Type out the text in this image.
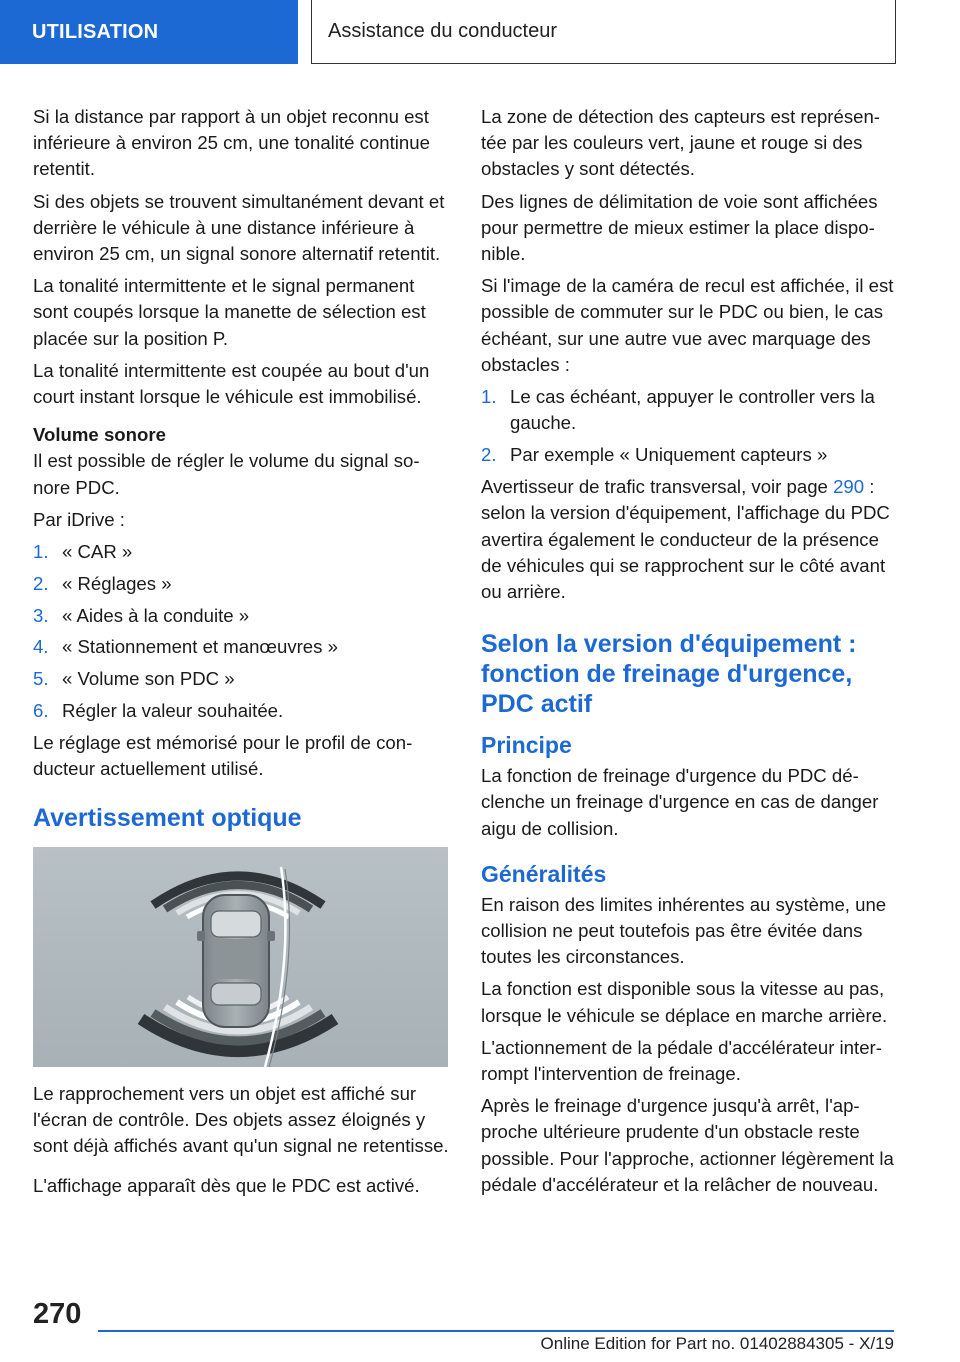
UTILISATION	Assistance du conducteur

Si la distance par rapport à un objet reconnu est inférieure à environ 25 cm, une tonalité continue retentit.

Si des objets se trouvent simultanément devant et derrière le véhicule à une distance inférieure à environ 25 cm, un signal sonore alternatif retentit.

La tonalité intermittente et le signal permanent sont coupés lorsque la manette de sélection est placée sur la position P.

La tonalité intermittente est coupée au bout d'un court instant lorsque le véhicule est immobilisé.

Volume sonore

Il est possible de régler le volume du signal sonore PDC.

Par iDrive :

1. « CAR »
2. « Réglages »
3. « Aides à la conduite »
4. « Stationnement et manœuvres »
5. « Volume son PDC »
6. Régler la valeur souhaitée.

Le réglage est mémorisé pour le profil de conducteur actuellement utilisé.

Avertissement optique

Le rapprochement vers un objet est affiché sur l'écran de contrôle. Des objets assez éloignés y sont déjà affichés avant qu'un signal ne retentisse.

L'affichage apparaît dès que le PDC est activé.

La zone de détection des capteurs est représentée par les couleurs vert, jaune et rouge si des obstacles y sont détectés.

Des lignes de délimitation de voie sont affichées pour permettre de mieux estimer la place disponible.

Si l'image de la caméra de recul est affichée, il est possible de commuter sur le PDC ou bien, le cas échéant, sur une autre vue avec marquage des obstacles :

1. Le cas échéant, appuyer le controller vers la gauche.
2. Par exemple « Uniquement capteurs »

Avertisseur de trafic transversal, voir page 290 : selon la version d'équipement, l'affichage du PDC avertira également le conducteur de la présence de véhicules qui se rapprochent sur le côté avant ou arrière.

Selon la version d'équipement : fonction de freinage d'urgence, PDC actif
Principe

La fonction de freinage d'urgence du PDC déclenche un freinage d'urgence en cas de danger aigu de collision.

Généralités

En raison des limites inhérentes au système, une collision ne peut toutefois pas être évitée dans toutes les circonstances.

La fonction est disponible sous la vitesse au pas, lorsque le véhicule se déplace en marche arrière.

L'actionnement de la pédale d'accélérateur interrompt l'intervention de freinage.

Après le freinage d'urgence jusqu'à arrêt, l'approche ultérieure prudente d'un obstacle reste possible. Pour l'approche, actionner légèrement la pédale d'accélérateur et la relâcher de nouveau.

270
Online Edition for Part no. 01402884305 - X/19
